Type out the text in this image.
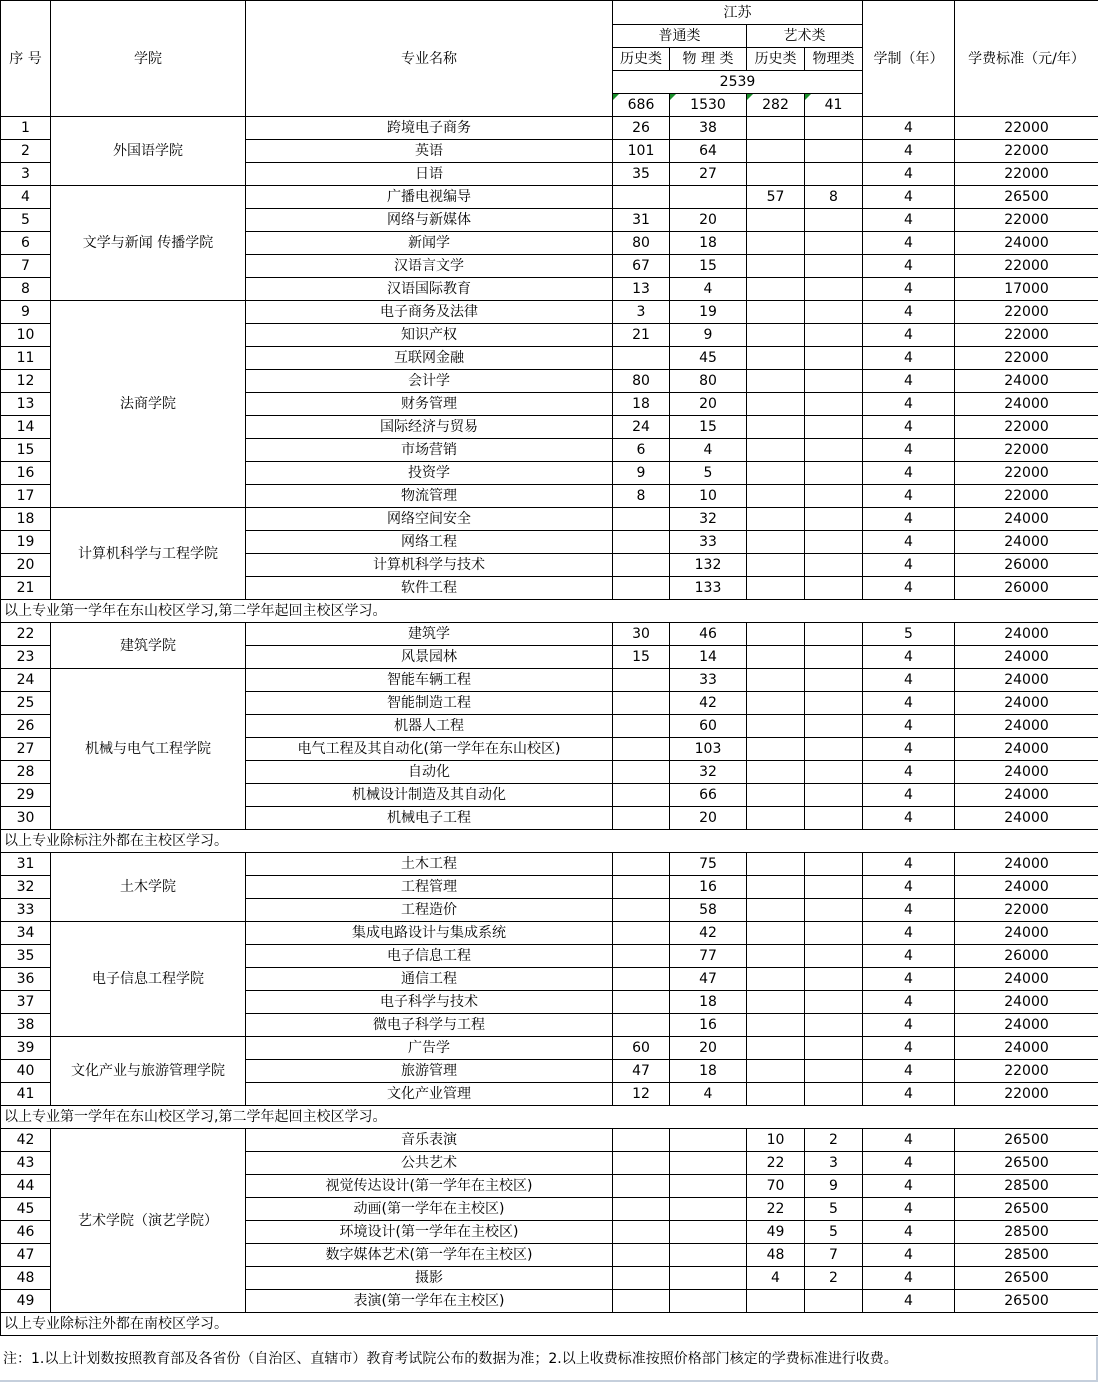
序 号	学院	专业名称	江苏				学制（年）	学费标准（元/年）
			普通类		艺术类			
			历史类	物 理 类	历史类	物理类		
			2539					
			686	1530	282	41		

1	外国语学院	跨境电子商务	26	38			4	22000
2		英语	101	64			4	22000
3		日语	35	27			4	22000
4	文学与新闻 传播学院	广播电视编导			57	8	4	26500
5		网络与新媒体	31	20			4	22000
6		新闻学	80	18			4	24000
7		汉语言文学	67	15			4	22000
8		汉语国际教育	13	4			4	17000
9	法商学院	电子商务及法律	3	19			4	22000
10		知识产权	21	9			4	22000
11		互联网金融		45			4	22000
12		会计学	80	80			4	24000
13		财务管理	18	20			4	24000
14		国际经济与贸易	24	15			4	22000
15		市场营销	6	4			4	22000
16		投资学	9	5			4	22000
17		物流管理	8	10			4	22000
18	计算机科学与工程学院	网络空间安全		32			4	24000
19		网络工程		33			4	24000
20		计算机科学与技术		132			4	26000
21		软件工程		133			4	26000
以上专业第一学年在东山校区学习,第二学年起回主校区学习。								
22	建筑学院	建筑学	30	46			5	24000
23		风景园林	15	14			4	24000
24	机械与电气工程学院	智能车辆工程		33			4	24000
25		智能制造工程		42			4	24000
26		机器人工程		60			4	24000
27		电气工程及其自动化(第一学年在东山校区)		103			4	24000
28		自动化		32			4	24000
29		机械设计制造及其自动化		66			4	24000
30		机械电子工程		20			4	24000
以上专业除标注外都在主校区学习。								
31	土木学院	土木工程		75			4	24000
32		工程管理		16			4	24000
33		工程造价		58			4	22000
34	电子信息工程学院	集成电路设计与集成系统		42			4	24000
35		电子信息工程		77			4	26000
36		通信工程		47			4	24000
37		电子科学与技术		18			4	24000
38		微电子科学与工程		16			4	24000
39	文化产业与旅游管理学院	广告学	60	20			4	24000
40		旅游管理	47	18			4	22000
41		文化产业管理	12	4			4	22000
以上专业第一学年在东山校区学习,第二学年起回主校区学习。								
42	艺术学院（演艺学院）	音乐表演			10	2	4	26500
43		公共艺术			22	3	4	26500
44		视觉传达设计(第一学年在主校区)			70	9	4	28500
45		动画(第一学年在主校区)			22	5	4	26500
46		环境设计(第一学年在主校区)			49	5	4	28500
47		数字媒体艺术(第一学年在主校区)			48	7	4	28500
48		摄影			4	2	4	26500
49		表演(第一学年在主校区)					4	26500
以上专业除标注外都在南校区学习。								
注：1.以上计划数按照教育部及各省份（自治区、直辖市）教育考试院公布的数据为准；2.以上收费标准按照价格部门核定的学费标准进行收费。
